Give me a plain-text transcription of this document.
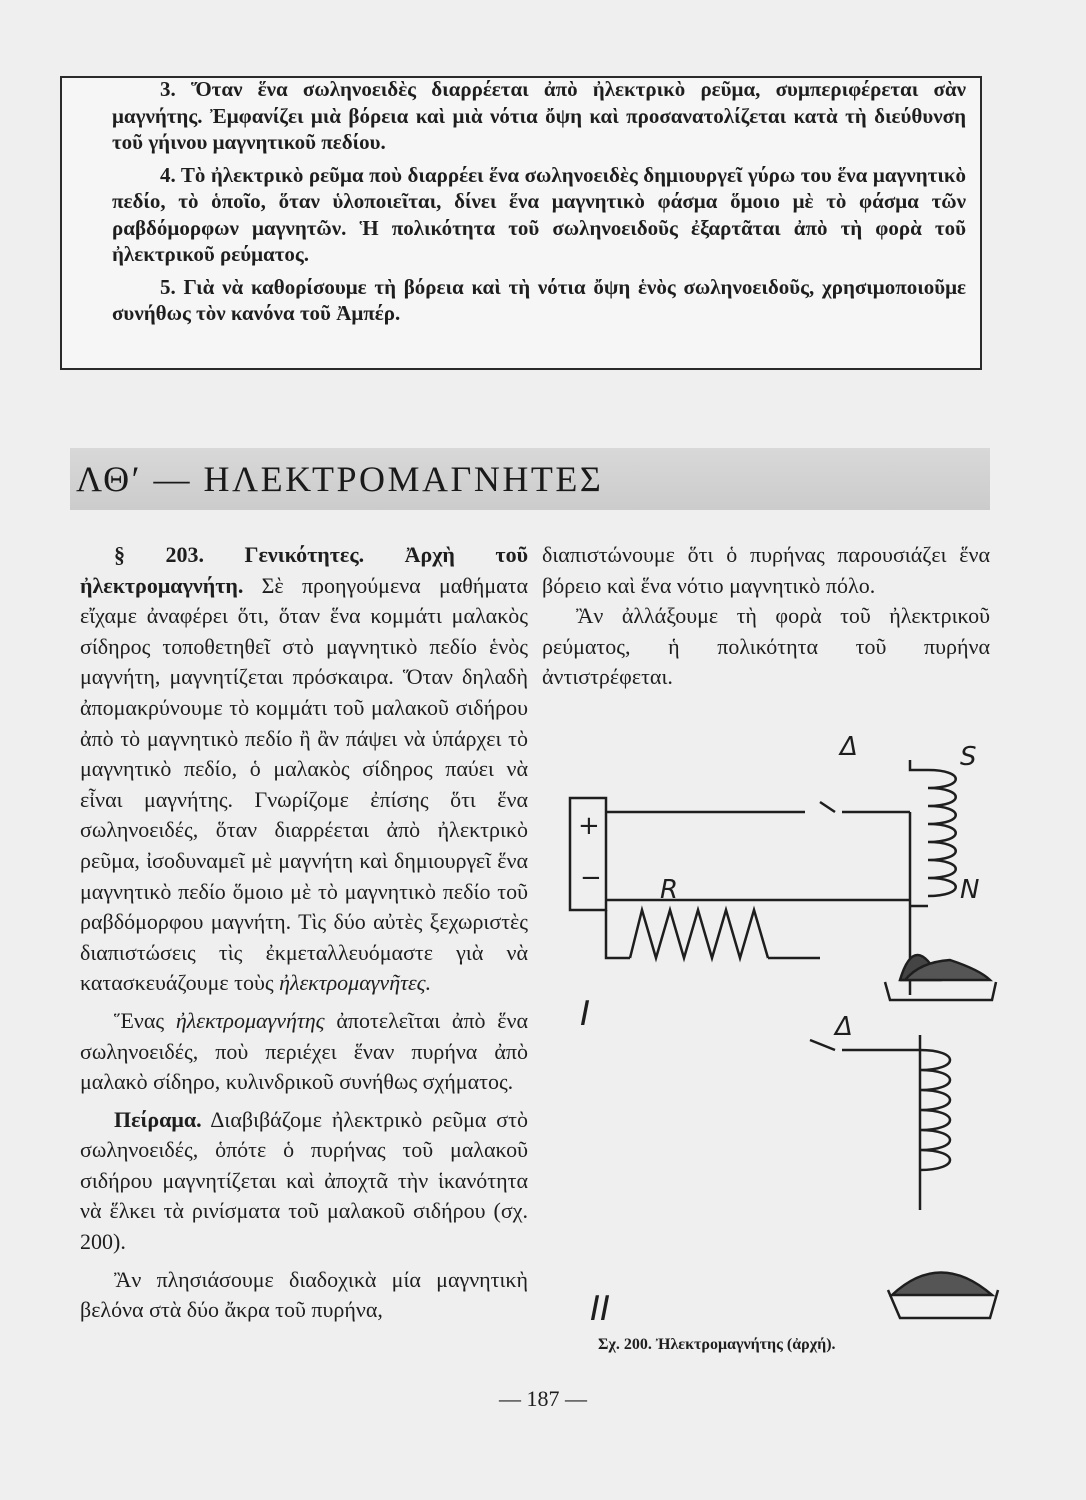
3. Ὅταν ἕνα σωληνοειδὲς διαρρέεται ἀπὸ ἠλεκτρικὸ ρεῦμα, συμπεριφέρεται σὰν μαγνήτης. Ἐμφανίζει μιὰ βόρεια καὶ μιὰ νότια ὄψη καὶ προσανατολίζεται κατὰ τὴ διεύθυνση τοῦ γήινου μαγνητικοῦ πεδίου.

4. Τὸ ἠλεκτρικὸ ρεῦμα ποὺ διαρρέει ἕνα σωληνοειδὲς δημιουργεῖ γύρω του ἕνα μαγνητικὸ πεδίο, τὸ ὁποῖο, ὅταν ὑλοποιεῖται, δίνει ἕνα μαγνητικὸ φάσμα ὅμοιο μὲ τὸ φάσμα τῶν ραβδόμορφων μαγνητῶν. Ἡ πολικότητα τοῦ σωληνοειδοῦς ἐξαρτᾶται ἀπὸ τὴ φορὰ τοῦ ἠλεκτρικοῦ ρεύματος.

5. Γιὰ νὰ καθορίσουμε τὴ βόρεια καὶ τὴ νότια ὄψη ἑνὸς σωληνοειδοῦς, χρησιμοποιοῦμε συνήθως τὸν κανόνα τοῦ Ἀμπέρ.

ΛΘʹ — ΗΛΕΚΤΡΟΜΑΓΝΗΤΕΣ

§ 203. Γενικότητες. Ἀρχὴ τοῦ ἠλεκτρομαγνήτη. Σὲ προηγούμενα μαθήματα εἴχαμε ἀναφέρει ὅτι, ὅταν ἕνα κομμάτι μαλακὸς σίδηρος τοποθετηθεῖ στὸ μαγνητικὸ πεδίο ἑνὸς μαγνήτη, μαγνητίζεται πρόσκαιρα. Ὅταν δηλαδὴ ἀπομακρύνουμε τὸ κομμάτι τοῦ μαλακοῦ σιδήρου ἀπὸ τὸ μαγνητικὸ πεδίο ἢ ἂν πάψει νὰ ὑπάρχει τὸ μαγνητικὸ πεδίο, ὁ μαλακὸς σίδηρος παύει νὰ εἶναι μαγνήτης. Γνωρίζομε ἐπίσης ὅτι ἕνα σωληνοειδές, ὅταν διαρρέεται ἀπὸ ἠλεκτρικὸ ρεῦμα, ἰσοδυναμεῖ μὲ μαγνήτη καὶ δημιουργεῖ ἕνα μαγνητικὸ πεδίο ὅμοιο μὲ τὸ μαγνητικὸ πεδίο τοῦ ραβδόμορφου μαγνήτη. Τὶς δύο αὐτὲς ξεχωριστὲς διαπιστώσεις τὶς ἐκμεταλλευόμαστε γιὰ νὰ κατασκευάζουμε τοὺς ἠλεκτρομαγνῆτες.

Ἕνας ἠλεκτρομαγνήτης ἀποτελεῖται ἀπὸ ἕνα σωληνοειδές, ποὺ περιέχει ἕναν πυρήνα ἀπὸ μαλακὸ σίδηρο, κυλινδρικοῦ συνήθως σχήματος.

Πείραμα. Διαβιβάζομε ἠλεκτρικὸ ρεῦμα στὸ σωληνοειδές, ὁπότε ὁ πυρήνας τοῦ μαλακοῦ σιδήρου μαγνητίζεται καὶ ἀποχτᾶ τὴν ἱκανότητα νὰ ἕλκει τὰ ρινίσματα τοῦ μαλακοῦ σιδήρου (σχ. 200).

Ἂν πλησιάσουμε διαδοχικὰ μία μαγνητικὴ βελόνα στὰ δύο ἄκρα τοῦ πυρήνα,

διαπιστώνουμε ὅτι ὁ πυρήνας παρουσιάζει ἕνα βόρειο καὶ ἕνα νότιο μαγνητικὸ πόλο.

Ἂν ἀλλάξουμε τὴ φορὰ τοῦ ἠλεκτρικοῦ ρεύματος, ἡ πολικότητα τοῦ πυρήνα ἀντιστρέφεται.

Δ	S
N
R
+
−
I	Δ
II
Σχ. 200. Ἠλεκτρομαγνήτης (ἀρχή).
— 187 —
